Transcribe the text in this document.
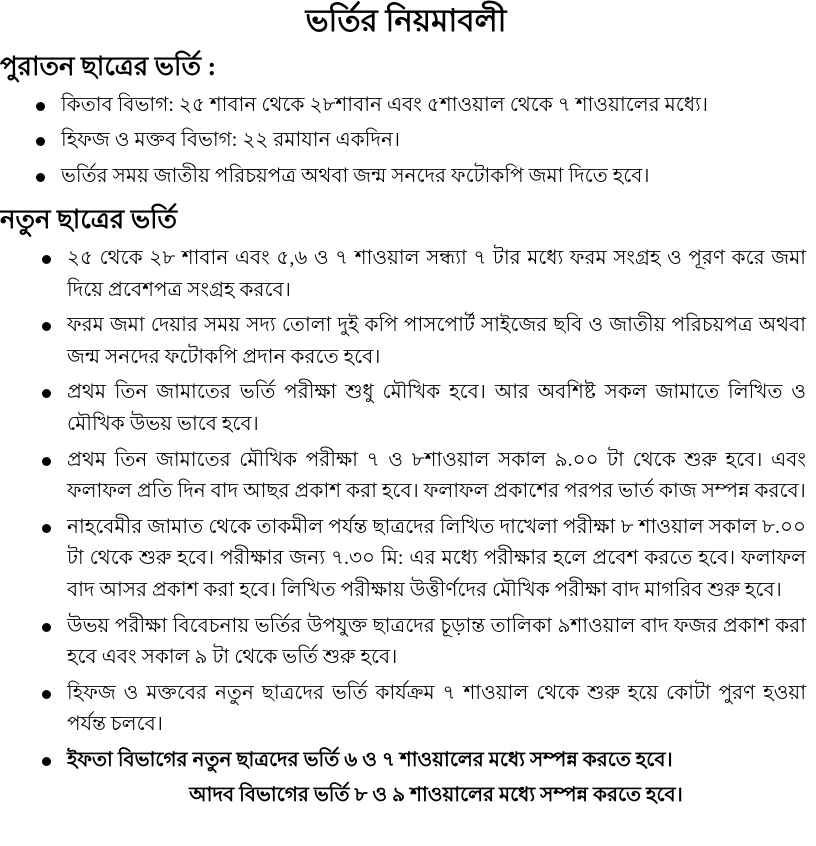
ভর্তির নিয়মাবলী
পুরাতন ছাত্রের ভর্তি :
কিতাব বিভাগ: ২৫ শাবান থেকে ২৮শাবান এবং ৫শাওয়াল থেকে ৭ শাওয়ালের মধ্যে।
হিফজ ও মক্তব বিভাগ: ২২ রমাযান একদিন।
ভর্তির সময় জাতীয় পরিচয়পত্র অথবা জন্ম সনদের ফটোকপি জমা দিতে হবে।
নতুন ছাত্রের ভর্তি
২৫ থেকে ২৮ শাবান এবং ৫,৬ ও ৭ শাওয়াল সন্ধ্যা ৭ টার মধ্যে ফরম সংগ্রহ ও পূরণ করে জমা দিয়ে প্রবেশপত্র সংগ্রহ করবে।
ফরম জমা দেয়ার সময় সদ্য তোলা দুই কপি পাসপোর্ট সাইজের ছবি ও জাতীয় পরিচয়পত্র অথবা জন্ম সনদের ফটোকপি প্রদান করতে হবে।
প্রথম তিন জামাতের ভর্তি পরীক্ষা শুধু মৌখিক হবে। আর অবশিষ্ট সকল জামাতে লিখিত ও মৌখিক উভয় ভাবে হবে।
প্রথম তিন জামাতের মৌখিক পরীক্ষা ৭ ও ৮শাওয়াল সকাল ৯.০০ টা থেকে শুরু হবে। এবং ফলাফল প্রতি দিন বাদ আছর প্রকাশ করা হবে। ফলাফল প্রকাশের পরপর ভার্ত কাজ সম্পন্ন করবে।
নাহবেমীর জামাত থেকে তাকমীল পর্যন্ত ছাত্রদের লিখিত দাখেলা পরীক্ষা ৮ শাওয়াল সকাল ৮.০০ টা থেকে শুরু হবে। পরীক্ষার জন্য ৭.৩০ মি: এর মধ্যে পরীক্ষার হলে প্রবেশ করতে হবে। ফলাফল বাদ আসর প্রকাশ করা হবে। লিখিত পরীক্ষায় উত্তীর্ণদের মৌখিক পরীক্ষা বাদ মাগরিব শুরু হবে।
উভয় পরীক্ষা বিবেচনায় ভর্তির উপযুক্ত ছাত্রদের চূড়ান্ত তালিকা ৯শাওয়াল বাদ ফজর প্রকাশ করা হবে এবং সকাল ৯ টা থেকে ভর্তি শুরু হবে।
হিফজ ও মক্তবের নতুন ছাত্রদের ভর্তি কার্যক্রম ৭ শাওয়াল থেকে শুরু হয়ে কোটা পুরণ হওয়া পর্যন্ত চলবে।
ইফতা বিভাগের নতুন ছাত্রদের ভর্তি ৬ ও ৭ শাওয়ালের মধ্যে সম্পন্ন করতে হবে।
আদব বিভাগের ভর্তি ৮ ও ৯ শাওয়ালের মধ্যে সম্পন্ন করতে হবে।
